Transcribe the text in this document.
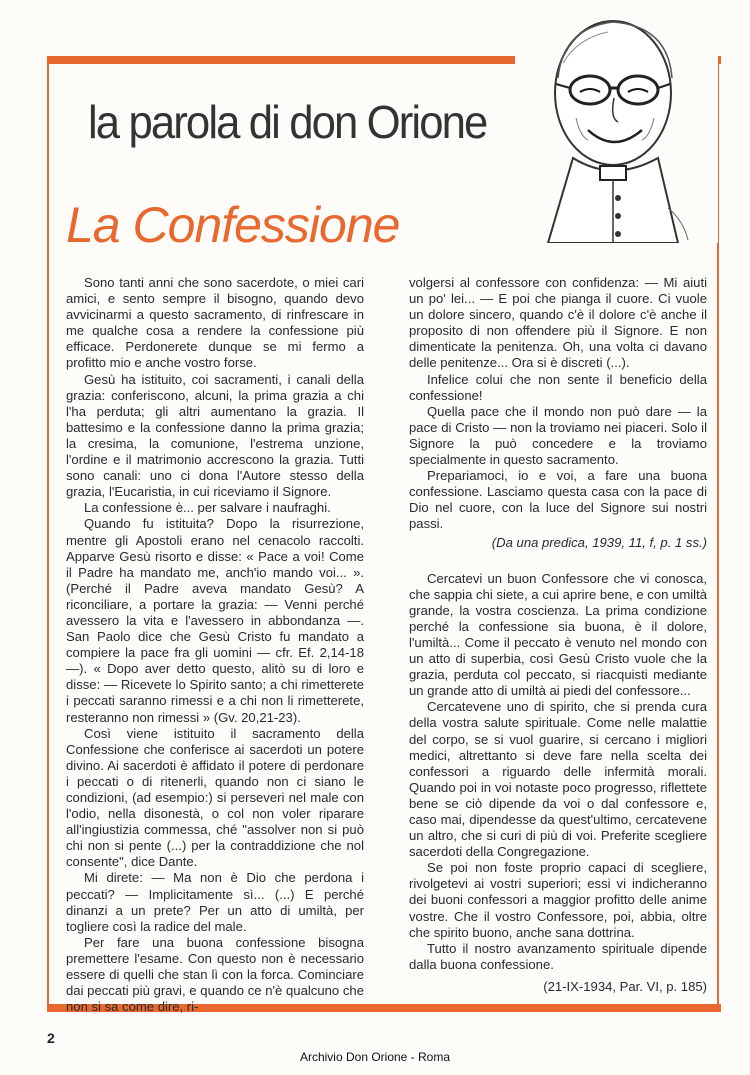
la parola di don Orione
La Confessione

Sono tanti anni che sono sacerdote, o miei cari amici, e sento sempre il bisogno, quando devo avvicinarmi a questo sacramento, di rinfrescare in me qualche cosa a rendere la confessione più efficace. Perdonerete dunque se mi fermo a profitto mio e anche vostro forse.

Gesù ha istituito, coi sacramenti, i canali della grazia: conferiscono, alcuni, la prima grazia a chi l'ha perduta; gli altri aumentano la grazia. Il battesimo e la confessione danno la prima grazia; la cresima, la comunione, l'estrema unzione, l'ordine e il matrimonio accrescono la grazia. Tutti sono canali: uno ci dona l'Autore stesso della grazia, l'Eucaristia, in cui riceviamo il Signore.

La confessione è... per salvare i naufraghi.

Quando fu istituita? Dopo la risurrezione, mentre gli Apostoli erano nel cenacolo raccolti. Apparve Gesù risorto e disse: « Pace a voi! Come il Padre ha mandato me, anch'io mando voi... ». (Perché il Padre aveva mandato Gesù? A riconciliare, a portare la grazia: — Venni perché avessero la vita e l'avessero in abbondanza —. San Paolo dice che Gesù Cristo fu mandato a compiere la pace fra gli uomini — cfr. Ef. 2,14-18 —). « Dopo aver detto questo, alitò su di loro e disse: — Ricevete lo Spirito santo; a chi rimetterete i peccati saranno rimessi e a chi non li rimetterete, resteranno non rimessi » (Gv. 20,21-23).

Così viene istituito il sacramento della Confessione che conferisce ai sacerdoti un potere divino. Ai sacerdoti è affidato il potere di perdonare i peccati o di ritenerli, quando non ci siano le condizioni, (ad esempio:) si perseveri nel male con l'odio, nella disonestà, o col non voler riparare all'ingiustizia commessa, ché "assolver non si può chi non si pente (...) per la contraddizione che nol consente", dice Dante.

Mi direte: — Ma non è Dio che perdona i peccati? — Implicitamente sì... (...) E perché dinanzi a un prete? Per un atto di umiltà, per togliere così la radice del male.

Per fare una buona confessione bisogna premettere l'esame. Con questo non è necessario essere di quelli che stan lì con la forca. Cominciare dai peccati più gravi, e quando ce n'è qualcuno che non si sa come dire, ri-

volgersi al confessore con confidenza: — Mi aiuti un po' lei... — E poi che pianga il cuore. Ci vuole un dolore sincero, quando c'è il dolore c'è anche il proposito di non offendere più il Signore. E non dimenticate la penitenza. Oh, una volta ci davano delle penitenze... Ora si è discreti (...).

Infelice colui che non sente il beneficio della confessione!

Quella pace che il mondo non può dare — la pace di Cristo — non la troviamo nei piaceri. Solo il Signore la può concedere e la troviamo specialmente in questo sacramento.

Prepariamoci, io e voi, a fare una buona confessione. Lasciamo questa casa con la pace di Dio nel cuore, con la luce del Signore sui nostri passi.

(Da una predica, 1939, 11, f, p. 1 ss.)

Cercatevi un buon Confessore che vi conosca, che sappia chi siete, a cui aprire bene, e con umiltà grande, la vostra coscienza. La prima condizione perché la confessione sia buona, è il dolore, l'umiltà... Come il peccato è venuto nel mondo con un atto di superbia, così Gesù Cristo vuole che la grazia, perduta col peccato, si riacquisti mediante un grande atto di umiltà ai piedi del confessore...

Cercatevene uno di spirito, che si prenda cura della vostra salute spirituale. Come nelle malattie del corpo, se si vuol guarire, si cercano i migliori medici, altrettanto si deve fare nella scelta dei confessori a riguardo delle infermità morali. Quando poi in voi notaste poco progresso, riflettete bene se ciò dipende da voi o dal confessore e, caso mai, dipendesse da quest'ultimo, cercatevene un altro, che si curi di più di voi. Preferite scegliere sacerdoti della Congregazione.

Se poi non foste proprio capaci di scegliere, rivolgetevi ai vostri superiori; essi vi indicheranno dei buoni confessori a maggior profitto delle anime vostre. Che il vostro Confessore, poi, abbia, oltre che spirito buono, anche sana dottrina.

Tutto il nostro avanzamento spirituale dipende dalla buona confessione.

(21-IX-1934, Par. VI, p. 185)

2
Archivio Don Orione - Roma
